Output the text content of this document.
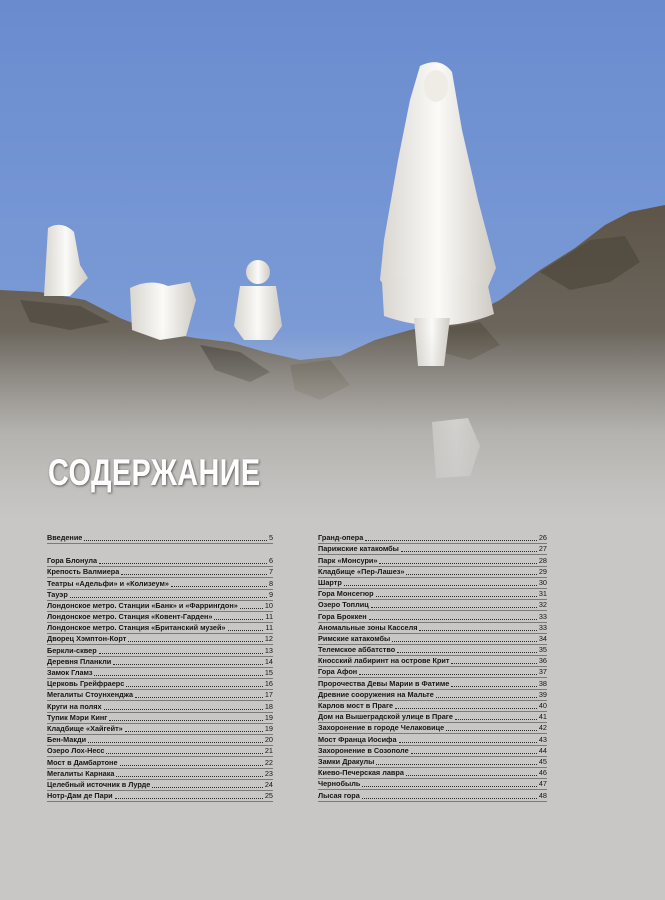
СОДЕРЖАНИЕ
Введение	5
Гора Блонула	6
Крепость Валмиера	7
Театры «Адельфи» и «Колизеум»	8
Тауэр	9
Лондонское метро. Станции «Банк» и «Фаррингдон»	10
Лондонское метро. Станция «Ковент-Гарден»	11
Лондонское метро. Станция «Британский музей»	11
Дворец Хэмптон-Корт	12
Беркли-сквер	13
Деревня Планкли	14
Замок Гламз	15
Церковь Грейфраерс	16
Мегалиты Стоунхенджа	17
Круги на полях	18
Тупик Мэри Кинг	19
Кладбище «Хайгейт»	19
Бен-Макди	20
Озеро Лох-Несс	21
Мост в Дамбартоне	22
Мегалиты Карнака	23
Целебный источник в Лурде	24
Нотр-Дам де Пари	25
Гранд-опера	26
Парижские катакомбы	27
Парк «Монсури»	28
Кладбище «Пер-Лашез»	29
Шартр	30
Гора Монсегюр	31
Озеро Топлиц	32
Гора Броккен	33
Аномальные зоны Касселя	33
Римские катакомбы	34
Телемское аббатство	35
Кносский лабиринт на острове Крит	36
Гора Афон	37
Пророчества Девы Марии в Фатиме	38
Древние сооружения на Мальте	39
Карлов мост в Праге	40
Дом на Вышеградской улице в Праге	41
Захоронение в городе Челаковице	42
Мост Франца Иосифа	43
Захоронение в Созополе	44
Замки Дракулы	45
Киево-Печерская лавра	46
Чернобыль	47
Лысая гора	48
